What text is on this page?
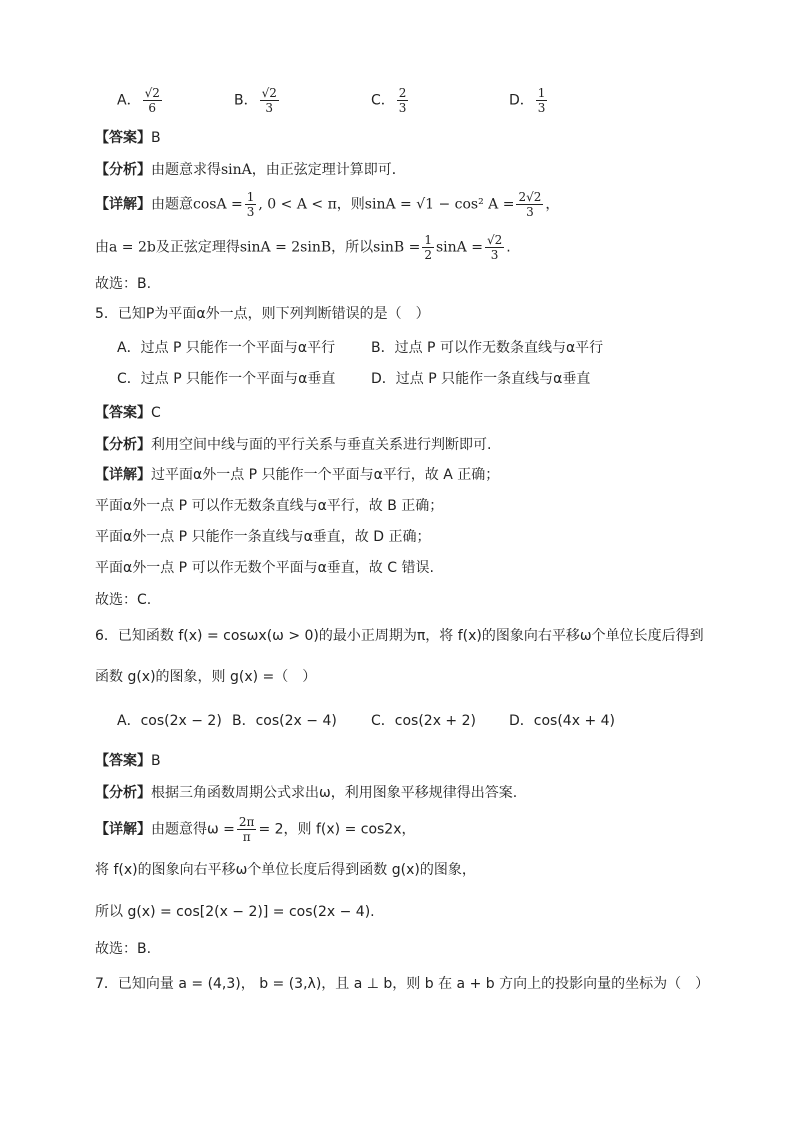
A． $\frac{√2}{6}$	B． $\frac{√2}{3}$	C． $\frac{2}{3}$	D． $\frac{1}{3}$
【答案】B
【分析】由题意求得sinA，由正弦定理计算即可．
【详解】由题意$\cos A = \frac{1}{3}$ , 0 < A < π，则sinA = √1 − cos² $A = \frac{2√2}{3}$ ，
由a = 2b及正弦定理得sinA = 2sinB，所以$\sin B = \frac{1}{2}$ $\sin A = \frac{√2}{3}$ .
故选：B.
5．已知P为平面α外一点，则下列判断错误的是（　）
A．过点 P 只能作一个平面与α平行	B．过点 P 可以作无数条直线与α平行
C．过点 P 只能作一个平面与α垂直	D．过点 P 只能作一条直线与α垂直
【答案】C
【分析】利用空间中线与面的平行关系与垂直关系进行判断即可.
【详解】过平面α外一点 P 只能作一个平面与α平行，故 A 正确；
平面α外一点 P 可以作无数条直线与α平行，故 B 正确；
平面α外一点 P 只能作一条直线与α垂直，故 D 正确；
平面α外一点 P 可以作无数个平面与α垂直，故 C 错误.
故选：C.
6．已知函数 f(x) = cosωx(ω > 0)的最小正周期为π，将 f(x)的图象向右平移ω个单位长度后得到
函数 g(x)的图象，则 g(x) =（　）
A．cos(2x − 2) B．cos(2x − 4) C．cos(2x + 2) D．cos(4x + 4)
【答案】B
【分析】根据三角函数周期公式求出ω，利用图象平移规律得出答案.
【详解】由题意得$\omega = \frac{2\pi}{\pi} = 2$，则 f(x) = cos2x，
将 f(x)的图象向右平移ω个单位长度后得到函数 g(x)的图象，
所以 g(x) = cos[2(x − 2)] = cos(2x − 4).
故选：B.
7．已知向量 a = (4,3)， b = (3,λ)，且 a ⊥ b，则 b 在 a + b 方向上的投影向量的坐标为（　）
